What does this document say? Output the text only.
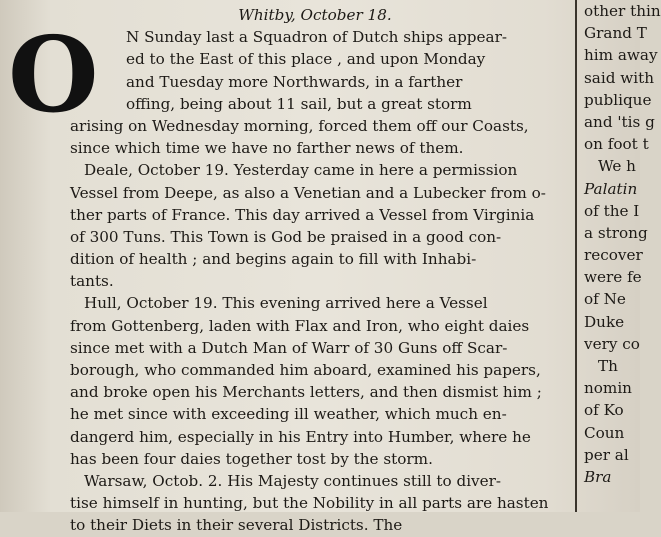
Whitby, October 18.
N Sunday last a Squadron of Dutch ships appear-
ed to the East of this place , and upon Monday
and Tuesday more Northwards, in a farther
offing, being about 11 sail, but a great storm
arising on Wednesday morning, forced them off our Coasts,
since which time we have no farther news of them.
Deale, October 19. Yesterday came in here a permission
Vessel from Deepe, as also a Venetian and a Lubecker from o-
ther parts of France. This day arrived a Vessel from Virginia
of 300 Tuns. This Town is God be praised in a good con-
dition of health ; and begins again to fill with Inhabi-
tants.
Hull, October 19. This evening arrived here a Vessel
from Gottenberg, laden with Flax and Iron, who eight daies
since met with a Dutch Man of Warr of 30 Guns off Scar-
borough, who commanded him aboard, examined his papers,
and broke open his Merchants letters, and then dismist him ;
he met since with exceeding ill weather, which much en-
dangerd him, especially in his Entry into Humber, where he
has been four daies together tost by the storm.
Warsaw, Octob. 2. His Majesty continues still to diver-
tise himself in hunting, but the Nobility in all parts are hasten
to their Diets in their several Districts. The
O
other thin
Grand T
him away
said with
publique
and 'tis g
on foot t
We h
Palatin
of the I
a strong
recover
were fe
of Ne
Duke
very co
Th
nomin
of Ko
Coun
per al
Bra
